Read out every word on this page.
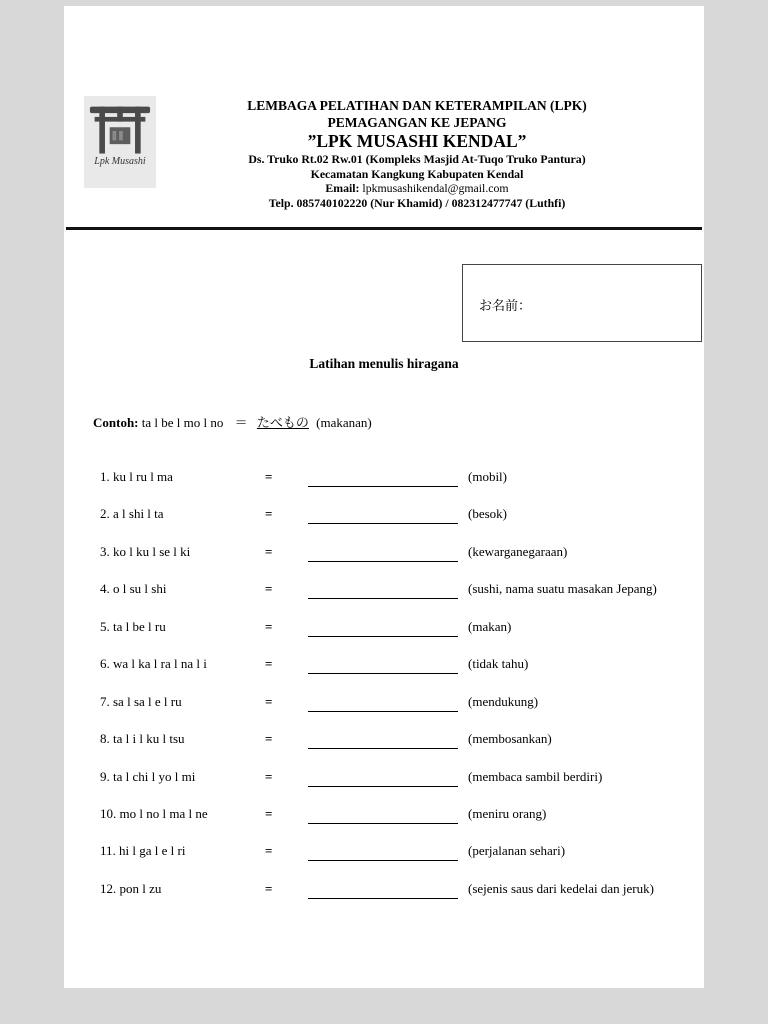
Lpk Musashi

LEMBAGA PELATIHAN DAN KETERAMPILAN (LPK)

PEMAGANGAN KE JEPANG

”LPK MUSASHI KENDAL”

Ds. Truko Rt.02 Rw.01 (Kompleks Masjid At-Tuqo Truko Pantura)

Kecamatan Kangkung Kabupaten Kendal

Email: lpkmusashikendal@gmail.com

Telp. 085740102220 (Nur Khamid) / 082312477747 (Luthfi)

お名前：
Latihan menulis hiragana
Contoh: ta l be l mo l no ＝ たべもの (makanan)
1. ku l ru l ma	=	(mobil)
2. a l shi l ta	=	(besok)
3. ko l ku l se l ki	=	(kewarganegaraan)
4. o l su l shi	=	(sushi, nama suatu masakan Jepang)
5. ta l be l ru	=	(makan)
6. wa l ka l ra l na l i	=	(tidak tahu)
7. sa l sa l e l ru	=	(mendukung)
8. ta l i l ku l tsu	=	(membosankan)
9. ta l chi l yo l mi	=	(membaca sambil berdiri)
10. mo l no l ma l ne	=	(meniru orang)
11. hi l ga l e l ri	=	(perjalanan sehari)
12. pon l zu	=	(sejenis saus dari kedelai dan jeruk)
